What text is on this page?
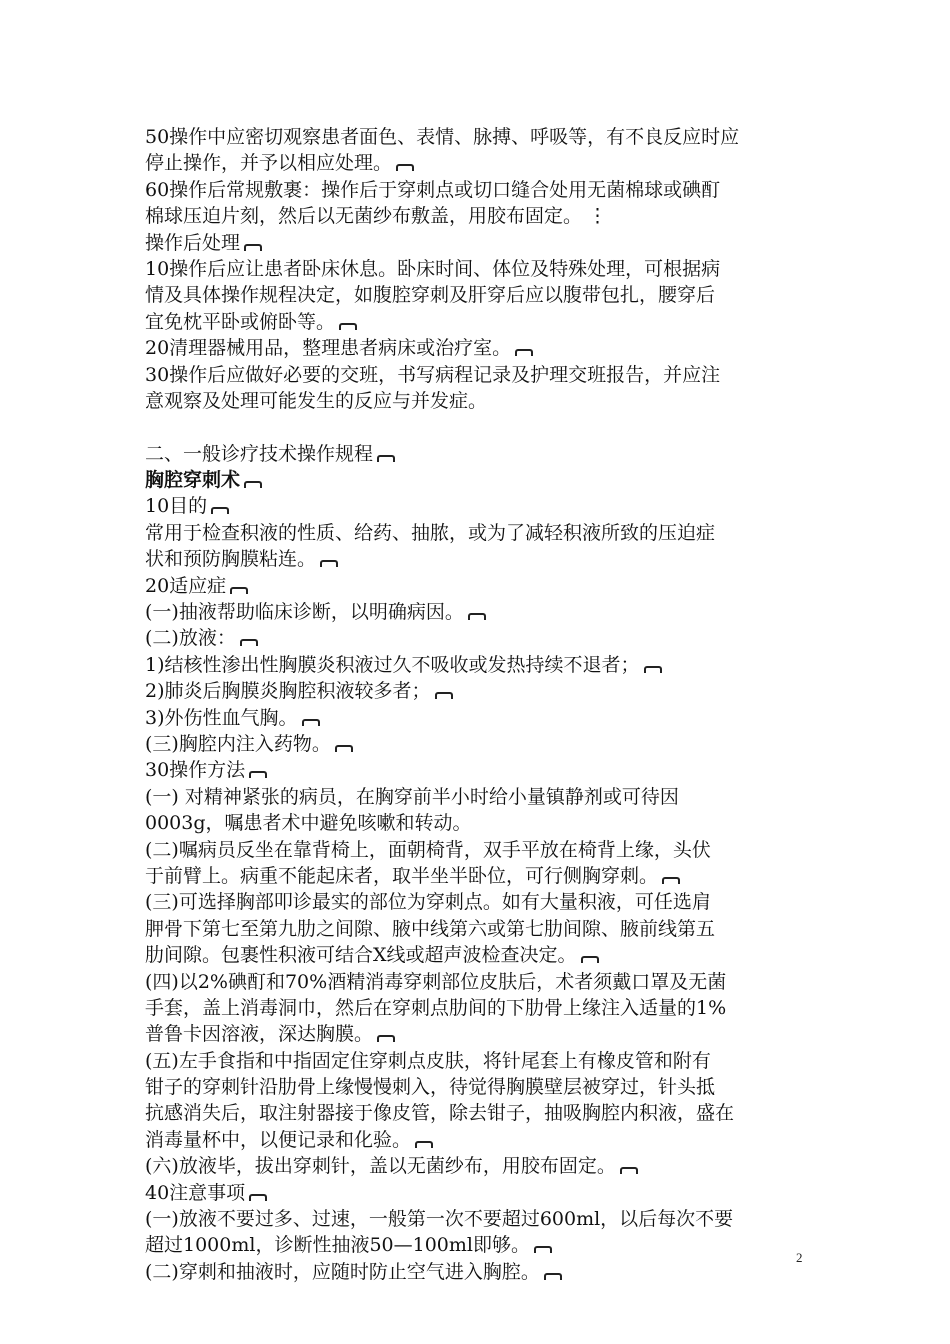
50操作中应密切观察患者面色、表情、脉搏、呼吸等，有不良反应时应
停止操作，并予以相应处理。
60操作后常规敷裹：操作后于穿刺点或切口缝合处用无菌棉球或碘酊
棉球压迫片刻，然后以无菌纱布敷盖，用胶布固定。 ⋮
操作后处理
10操作后应让患者卧床休息。卧床时间、体位及特殊处理，可根据病
情及具体操作规程决定，如腹腔穿刺及肝穿后应以腹带包扎，腰穿后
宜免枕平卧或俯卧等。
20清理器械用品，整理患者病床或治疗室。
30操作后应做好必要的交班，书写病程记录及护理交班报告，并应注
意观察及处理可能发生的反应与并发症。
二、一般诊疗技术操作规程
胸腔穿刺术
10目的
常用于检查积液的性质、给药、抽脓，或为了减轻积液所致的压迫症
状和预防胸膜粘连。
20适应症
(一)抽液帮助临床诊断，以明确病因。
(二)放液：
1)结核性渗出性胸膜炎积液过久不吸收或发热持续不退者；
2)肺炎后胸膜炎胸腔积液较多者；
3)外伤性血气胸。
(三)胸腔内注入药物。
30操作方法
(一) 对精神紧张的病员，在胸穿前半小时给小量镇静剂或可待因
0003g，嘱患者术中避免咳嗽和转动。
(二)嘱病员反坐在靠背椅上，面朝椅背，双手平放在椅背上缘，头伏
于前臂上。病重不能起床者，取半坐半卧位，可行侧胸穿刺。
(三)可选择胸部叩诊最实的部位为穿刺点。如有大量积液，可任选肩
胛骨下第七至第九肋之间隙、腋中线第六或第七肋间隙、腋前线第五
肋间隙。包裹性积液可结合X线或超声波检查决定。
(四)以2%碘酊和70%酒精消毒穿刺部位皮肤后，术者须戴口罩及无菌
手套，盖上消毒洞巾，然后在穿刺点肋间的下肋骨上缘注入适量的1%
普鲁卡因溶液，深达胸膜。
(五)左手食指和中指固定住穿刺点皮肤，将针尾套上有橡皮管和附有
钳子的穿刺针沿肋骨上缘慢慢刺入，待觉得胸膜壁层被穿过，针头抵
抗感消失后，取注射器接于像皮管，除去钳子，抽吸胸腔内积液，盛在
消毒量杯中，以便记录和化验。
(六)放液毕，拔出穿刺针，盖以无菌纱布，用胶布固定。
40注意事项
(一)放液不要过多、过速，一般第一次不要超过600ml，以后每次不要
超过1000ml，诊断性抽液50—100ml即够。
(二)穿刺和抽液时，应随时防止空气进入胸腔。
2
